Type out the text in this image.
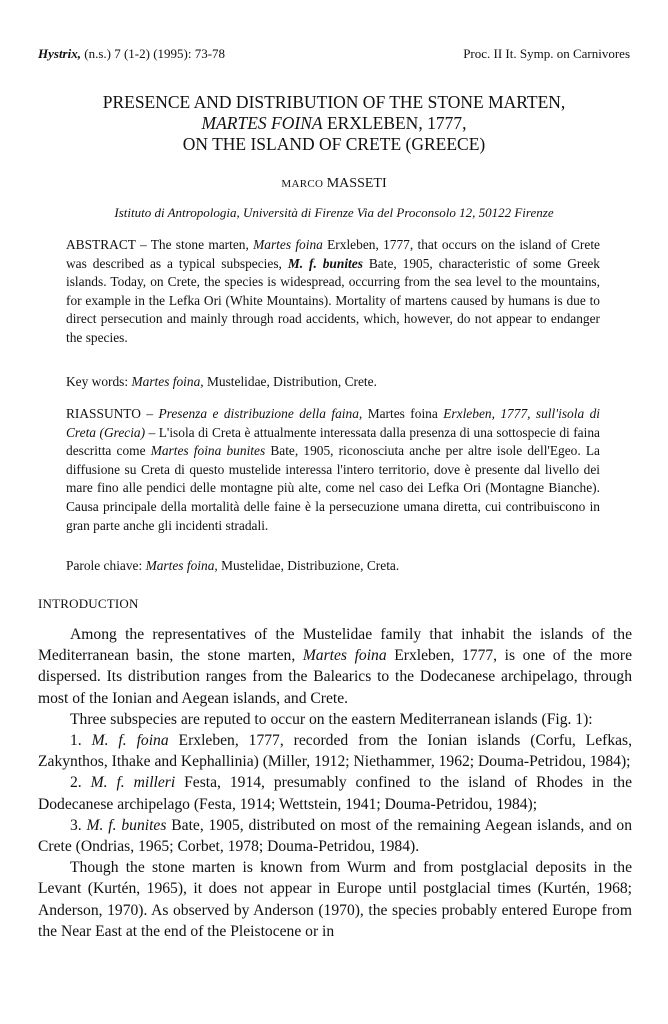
Hystrix, (n.s.) 7 (1-2) (1995): 73-78	Proc. II It. Symp. on Carnivores
PRESENCE AND DISTRIBUTION OF THE STONE MARTEN,
MARTES FOINA ERXLEBEN, 1777,
ON THE ISLAND OF CRETE (GREECE)
MARCO MASSETI
Istituto di Antropologia, Università di Firenze Via del Proconsolo 12, 50122 Firenze

ABSTRACT – The stone marten, Martes foina Erxleben, 1777, that occurs on the island of Crete was described as a typical subspecies, M. f. bunites Bate, 1905, characteristic of some Greek islands. Today, on Crete, the species is widespread, occurring from the sea level to the mountains, for example in the Lefka Ori (White Mountains). Mortality of martens caused by humans is due to direct persecution and mainly through road accidents, which, however, do not appear to endanger the species.

Key words: Martes foina, Mustelidae, Distribution, Crete.

RIASSUNTO – Presenza e distribuzione della faina, Martes foina Erxleben, 1777, sull'isola di Creta (Grecia) – L'isola di Creta è attualmente interessata dalla presenza di una sottospecie di faina descritta come Martes foina bunites Bate, 1905, riconosciuta anche per altre isole dell'Egeo. La diffusione su Creta di questo mustelide interessa l'intero territorio, dove è presente dal livello dei mare fino alle pendici delle montagne più alte, come nel caso dei Lefka Ori (Montagne Bianche). Causa principale della mortalità delle faine è la persecuzione umana diretta, cui contribuiscono in gran parte anche gli incidenti stradali.

Parole chiave: Martes foina, Mustelidae, Distribuzione, Creta.
INTRODUCTION

Among the representatives of the Mustelidae family that inhabit the islands of the Mediterranean basin, the stone marten, Martes foina Erxleben, 1777, is one of the more dispersed. Its distribution ranges from the Balearics to the Dodecanese archipelago, through most of the Ionian and Aegean islands, and Crete.

Three subspecies are reputed to occur on the eastern Mediterranean islands (Fig. 1):

1. M. f. foina Erxleben, 1777, recorded from the Ionian islands (Corfu, Lefkas, Zakynthos, Ithake and Kephallinia) (Miller, 1912; Niethammer, 1962; Douma-Petridou, 1984);

2. M. f. milleri Festa, 1914, presumably confined to the island of Rhodes in the Dodecanese archipelago (Festa, 1914; Wettstein, 1941; Douma-Petridou, 1984);

3. M. f. bunites Bate, 1905, distributed on most of the remaining Aegean islands, and on Crete (Ondrias, 1965; Corbet, 1978; Douma-Petridou, 1984).

Though the stone marten is known from Wurm and from postglacial deposits in the Levant (Kurtén, 1965), it does not appear in Europe until postglacial times (Kurtén, 1968; Anderson, 1970). As observed by Anderson (1970), the species probably entered Europe from the Near East at the end of the Pleistocene or in
